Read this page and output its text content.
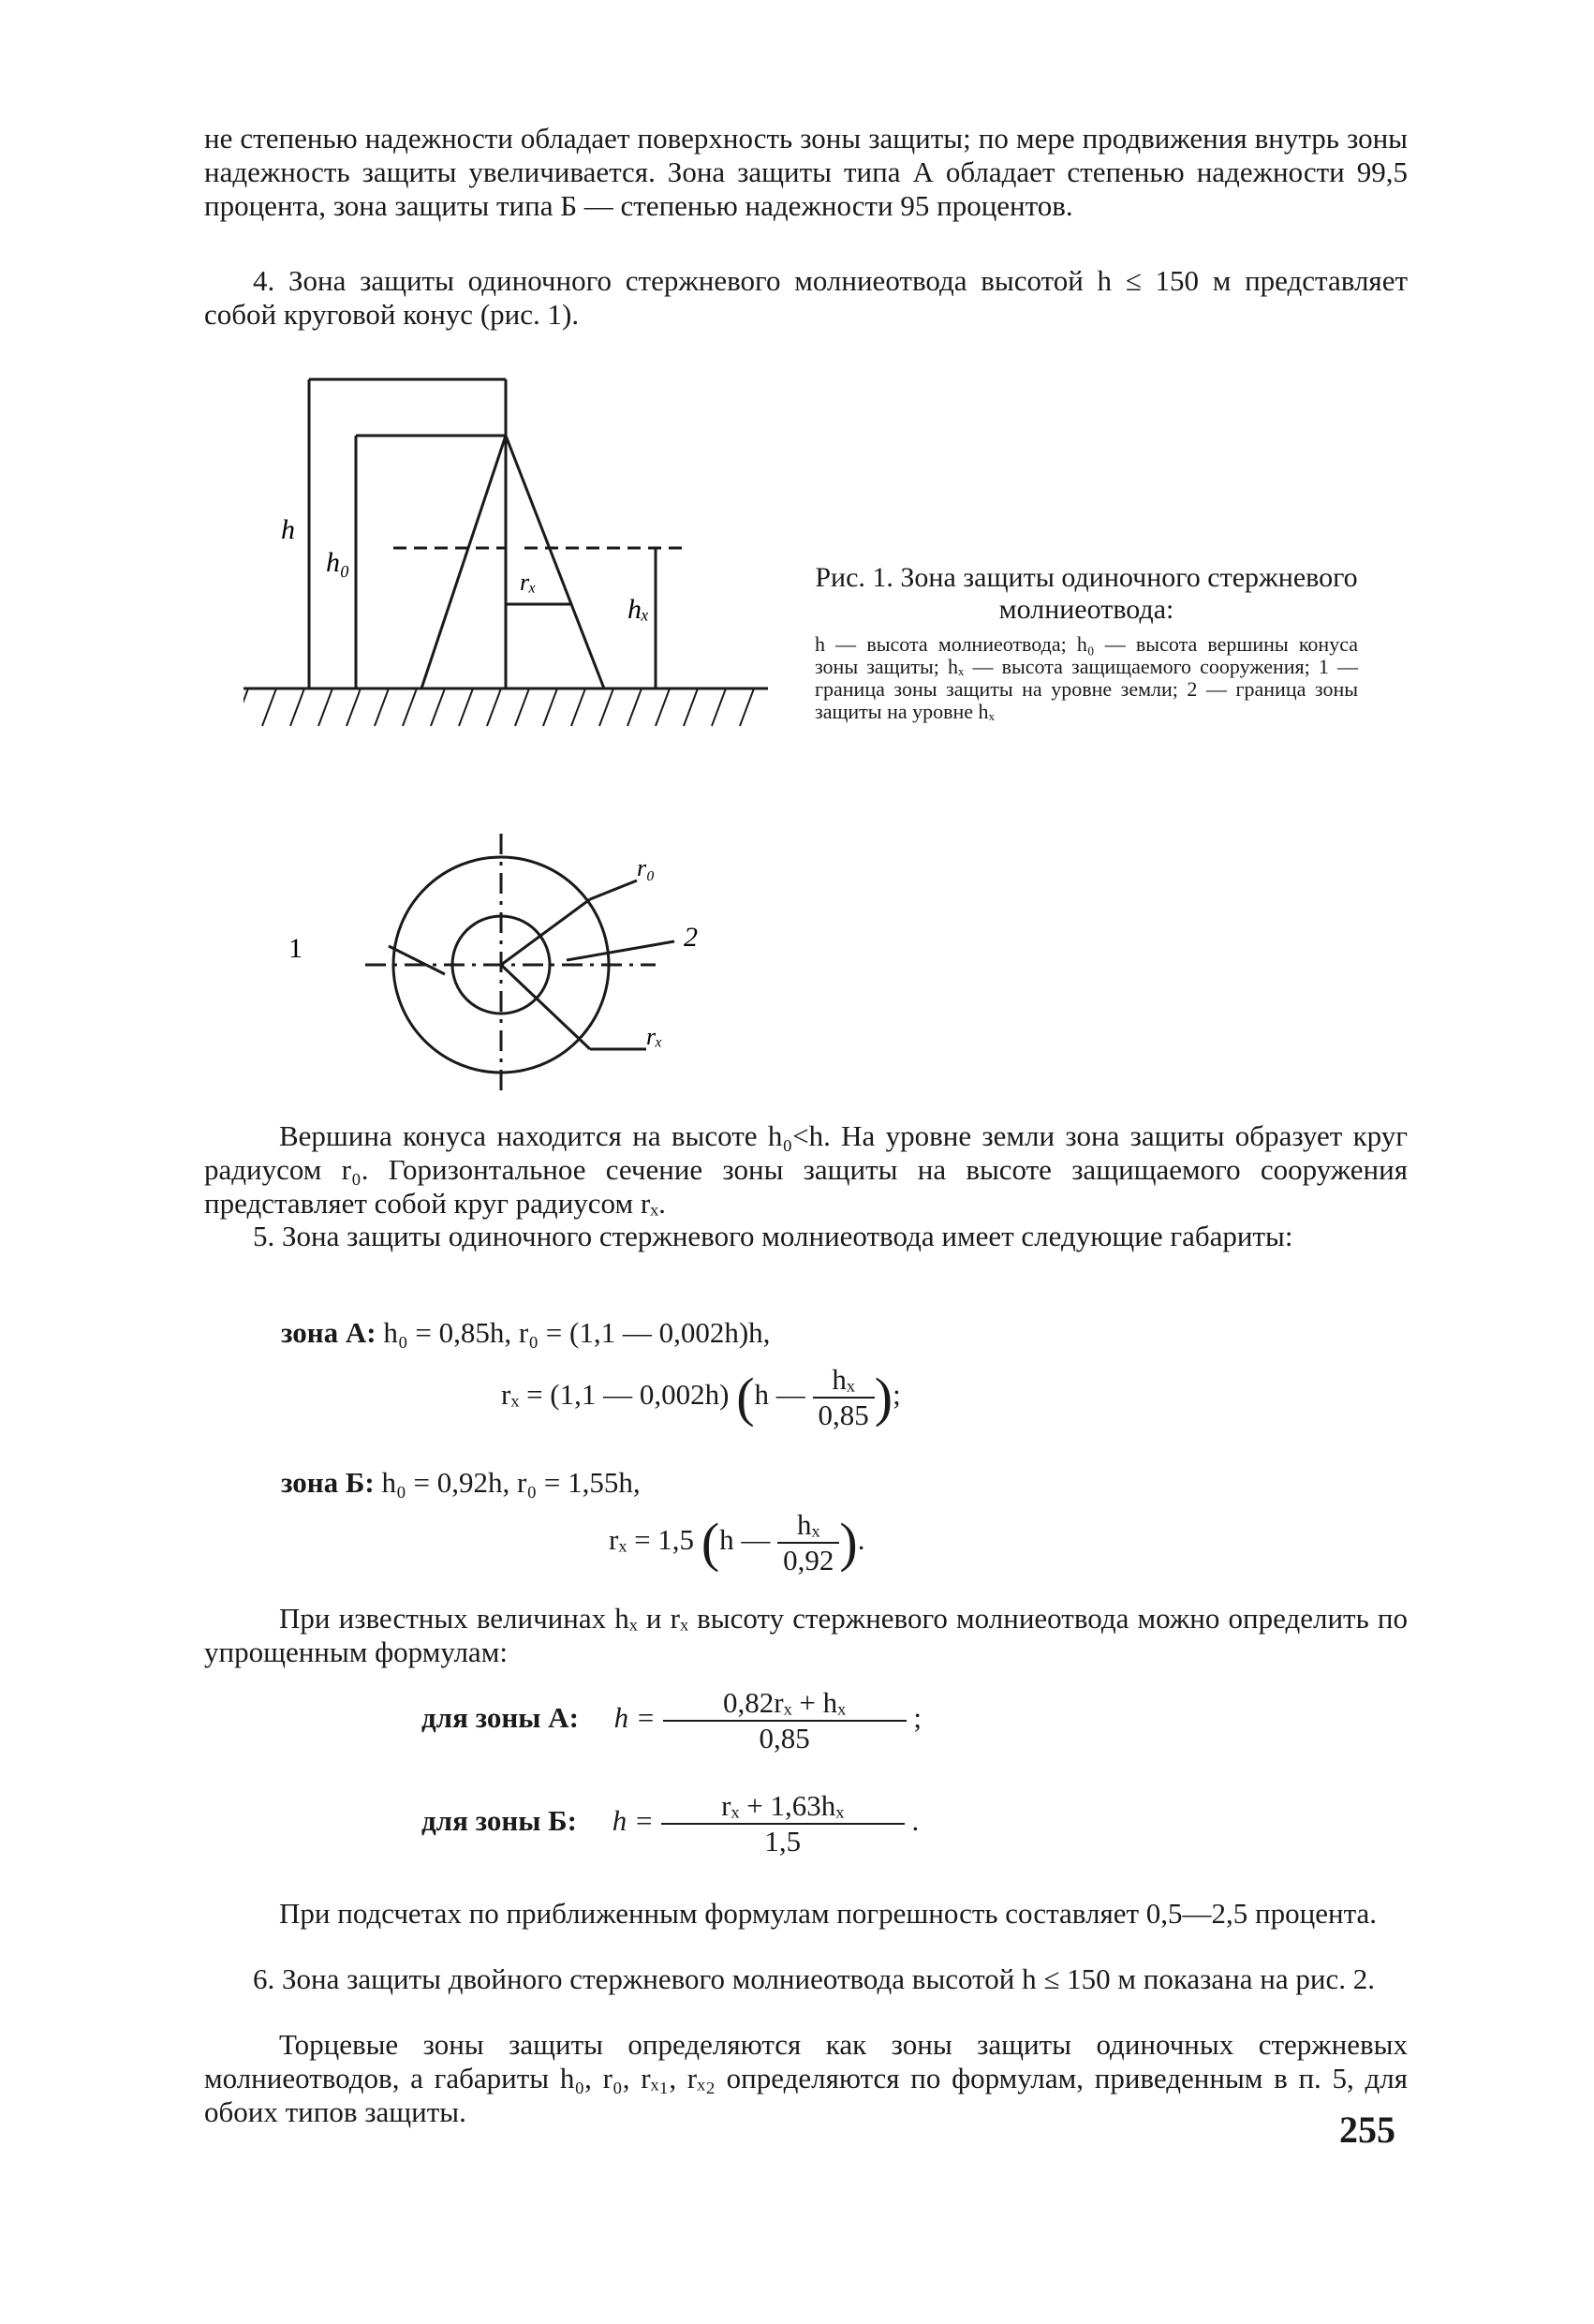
не степенью надежности обладает поверхность зоны защиты; по мере продвижения внутрь зоны надежность защиты увеличивается. Зона защиты типа А обладает степенью надежности 99,5 процента, зона защиты типа Б — степенью надежности 95 процентов.

4. Зона защиты одиночного стержневого молниеотвода высотой h ≤ 150 м представляет собой круговой конус (рис. 1).

h
h₀
hₓ
rₓ	Рис. 1. Зона защиты одиночного стержневого молниеотвода:
h — высота молниеотвода; h₀ — высота вершины конуса зоны защиты; hₓ — высота защищаемого сооружения; 1 — граница зоны защиты на уровне земли; 2 — граница зоны защиты на уровне hₓ
r₀
rₓ
1	2

Вершина конуса находится на высоте h₀<h. На уровне земли зона защиты образует круг радиусом r₀. Горизонтальное сечение зоны защиты на высоте защищаемого сооружения представляет собой круг радиусом rₓ.

5. Зона защиты одиночного стержневого молниеотвода имеет следующие габариты:

зона А: h₀ = 0,85h, r₀ = (1,1 — 0,002h)h,
rₓ = (1,1 — 0,002h) (h — $\frac{\text{hₓ}}{0,85}$ );
зона Б: h₀ = 0,92h, r₀ = 1,55h,
rₓ = 1,5 (h — $\frac{\text{hₓ}}{0,92}$ ).

При известных величинах hₓ и rₓ высоту стержневого молниеотвода можно определить по упрощенным формулам:

для зоны А: $h = \frac{\text{0,82rₓ + hₓ}}{0,85}$ ;
для зоны Б: $h = \frac{\text{rₓ + 1,63hₓ}}{1,5}$ .

При подсчетах по приближенным формулам погрешность составляет 0,5—2,5 процента.

6. Зона защиты двойного стержневого молниеотвода высотой h ≤ 150 м показана на рис. 2.

Торцевые зоны защиты определяются как зоны защиты одиночных стержневых молниеотводов, а габариты h₀, r₀, rₓ₁, rₓ₂ определяются по формулам, приведенным в п. 5, для обоих типов защиты.	255
